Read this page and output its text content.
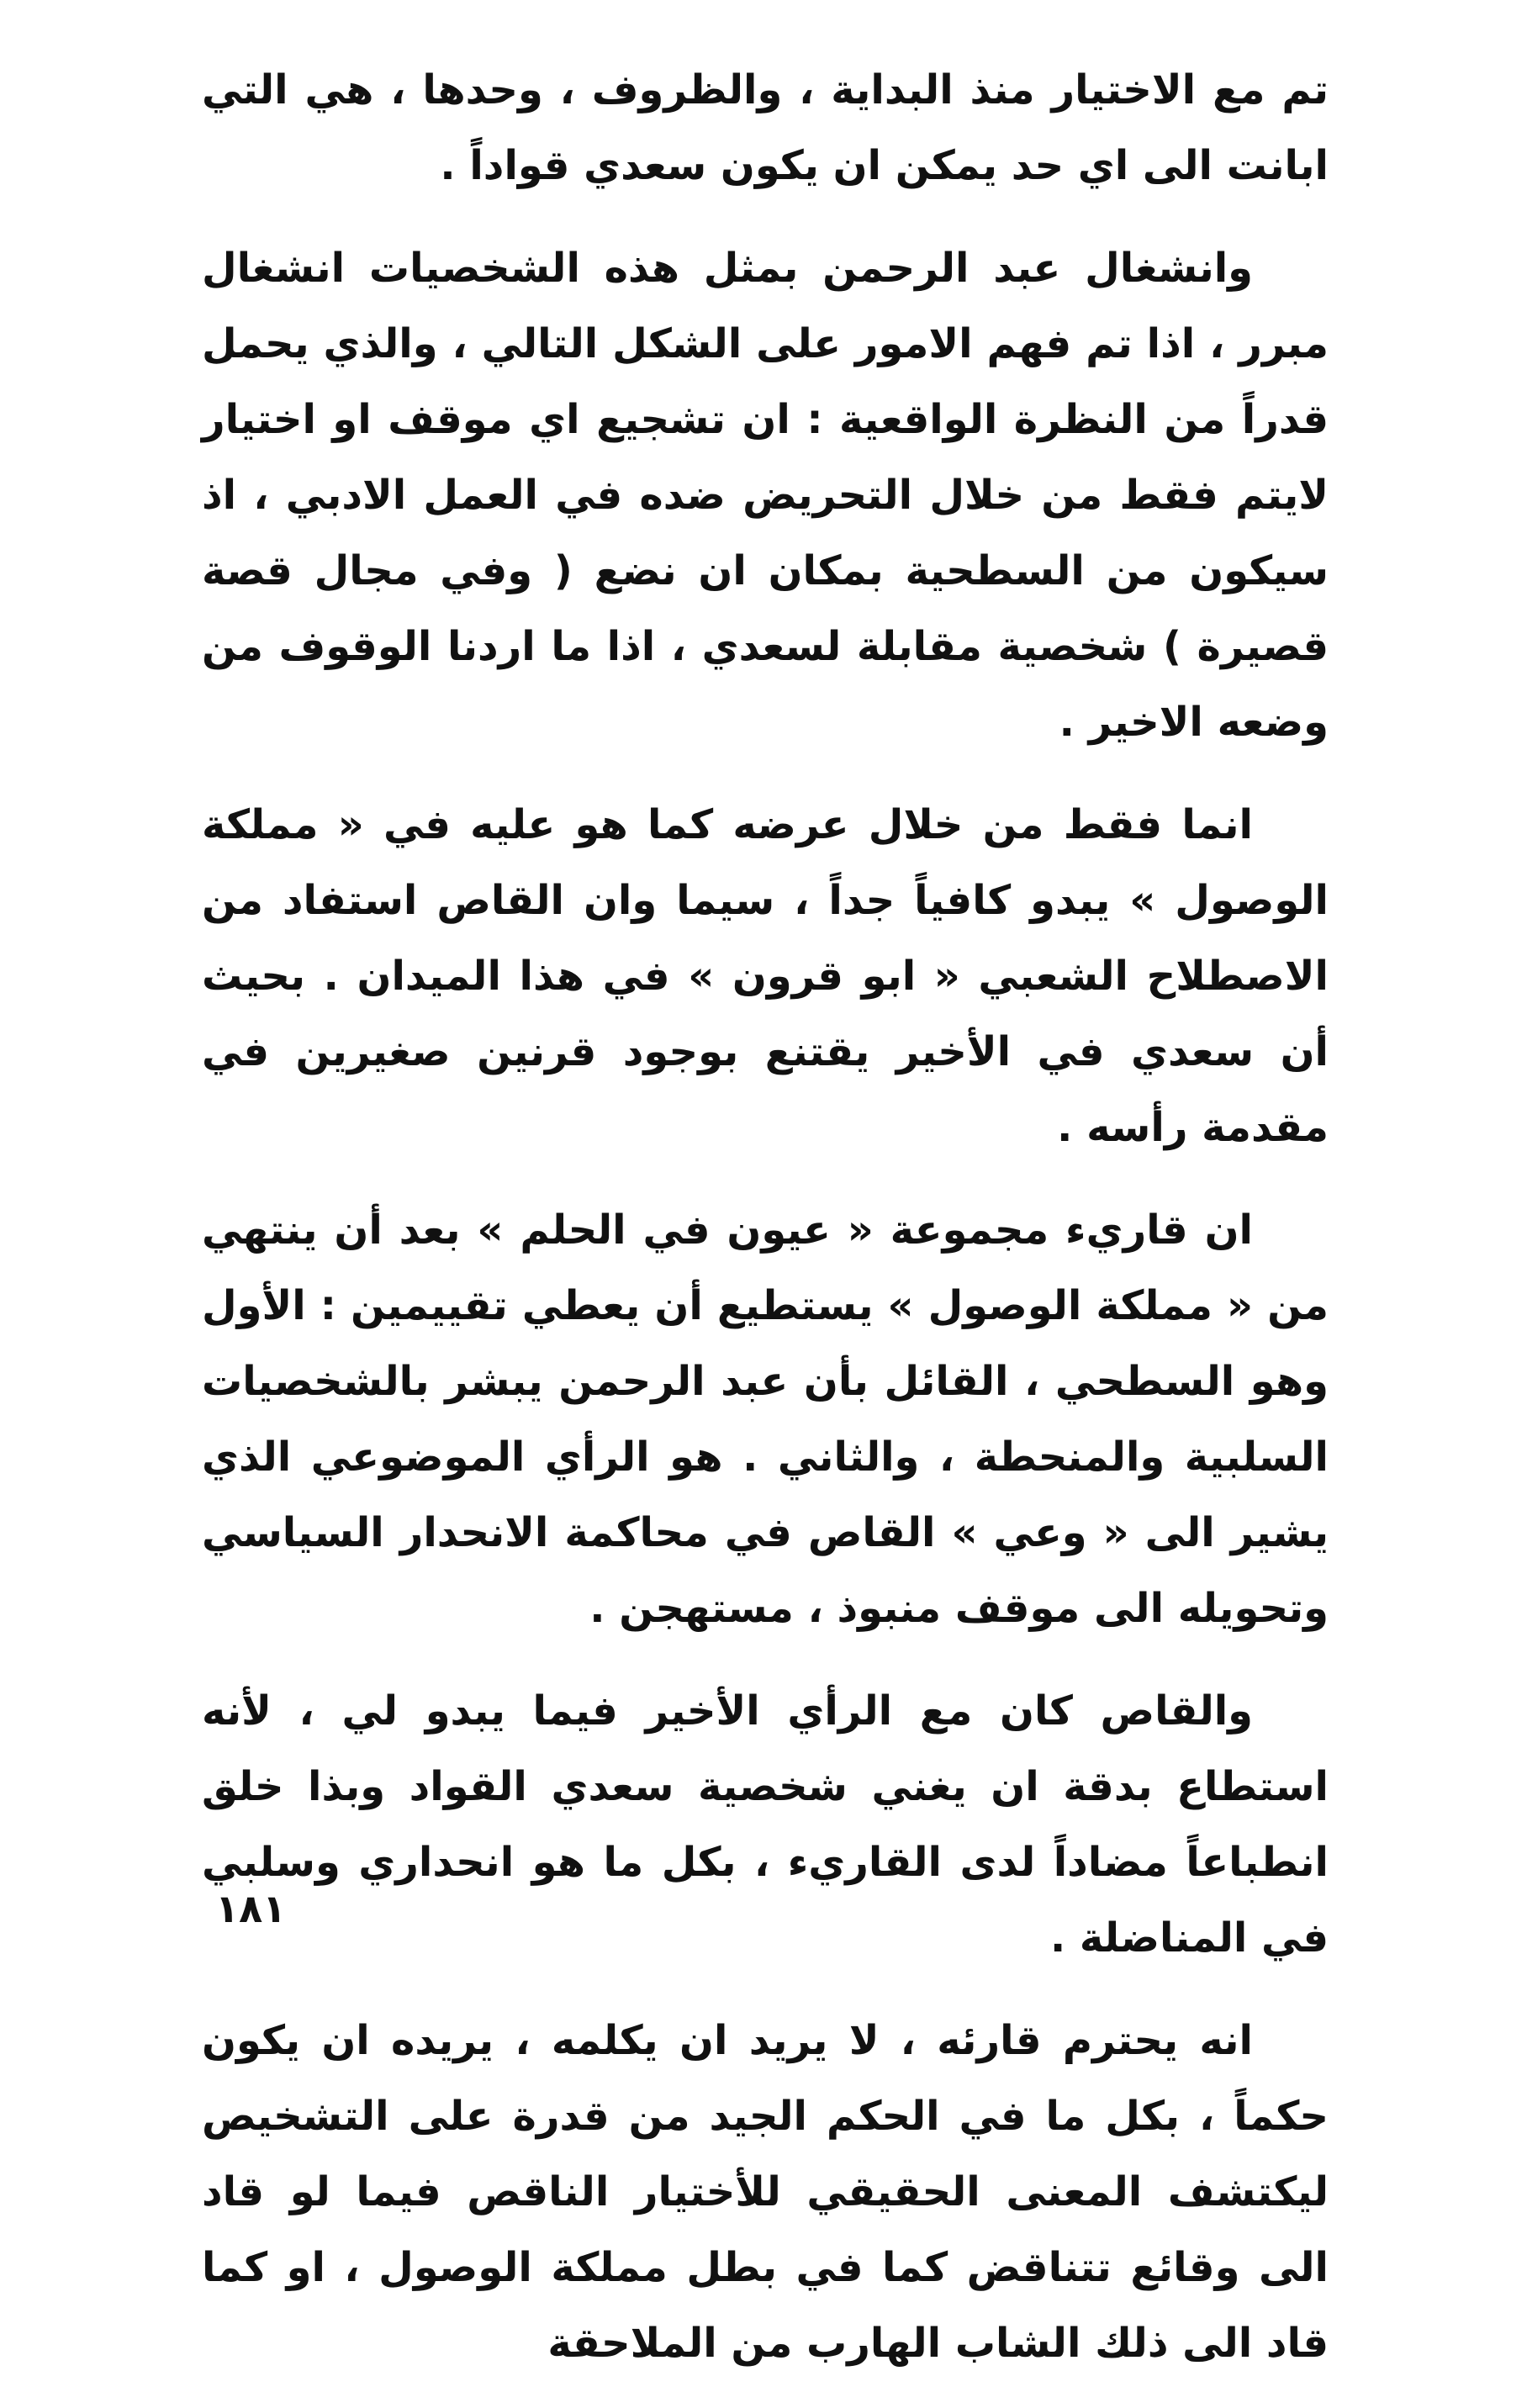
تم مع الاختيار منذ البداية ، والظروف ، وحدها ، هي التي ابانت الى اي حد يمكن ان يكون سعدي قواداً .

وانشغال عبد الرحمن بمثل هذه الشخصيات انشغال مبرر ، اذا تم فهم الامور على الشكل التالي ، والذي يحمل قدراً من النظرة الواقعية : ان تشجيع اي موقف او اختيار لايتم فقط من خلال التحريض ضده في العمل الادبي ، اذ سيكون من السطحية بمكان ان نضع ( وفي مجال قصة قصيرة ) شخصية مقابلة لسعدي ، اذا ما اردنا الوقوف من وضعه الاخير .

انما فقط من خلال عرضه كما هو عليه في « مملكة الوصول » يبدو كافياً جداً ، سيما وان القاص استفاد من الاصطلاح الشعبي « ابو قرون » في هذا الميدان . بحيث أن سعدي في الأخير يقتنع بوجود قرنين صغيرين في مقدمة رأسه .

ان قاريء مجموعة « عيون في الحلم » بعد أن ينتهي من « مملكة الوصول » يستطيع أن يعطي تقييمين : الأول وهو السطحي ، القائل بأن عبد الرحمن يبشر بالشخصيات السلبية والمنحطة ، والثاني . هو الرأي الموضوعي الذي يشير الى « وعي » القاص في محاكمة الانحدار السياسي وتحويله الى موقف منبوذ ، مستهجن .

والقاص كان مع الرأي الأخير فيما يبدو لي ، لأنه استطاع بدقة ان يغني شخصية سعدي القواد وبذا خلق انطباعاً مضاداً لدى القاريء ، بكل ما هو انحداري وسلبي في المناضلة .

انه يحترم قارئه ، لا يريد ان يكلمه ، يريده ان يكون حكماً ، بكل ما في الحكم الجيد من قدرة على التشخيص ليكتشف المعنى الحقيقي للأختيار الناقص فيما لو قاد الى وقائع تتناقض كما في بطل مملكة الوصول ، او كما قاد الى ذلك الشاب الهارب من الملاحقة

١٨١
